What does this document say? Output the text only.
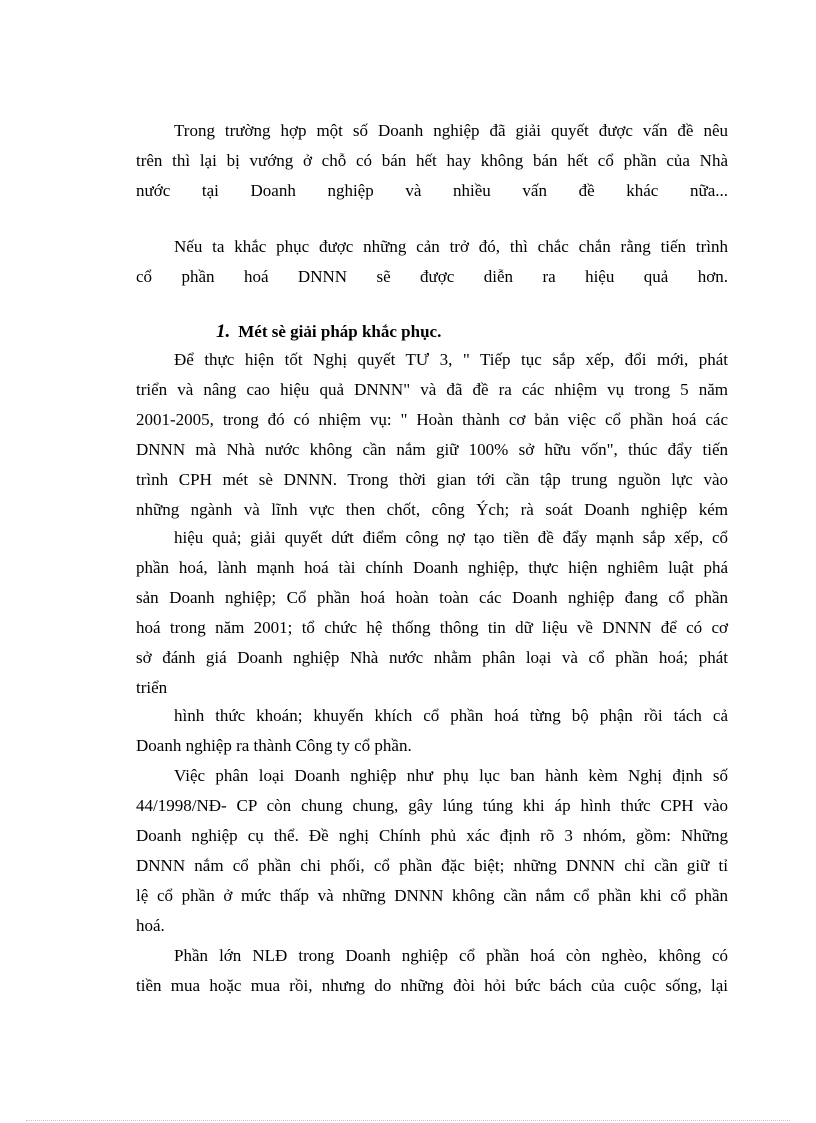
Trong trường hợp một số Doanh nghiệp đã giải quyết được vấn đề nêu
trên thì lại bị vướng ở chỗ có bán hết hay không bán hết cổ phần của Nhà
nước tại Doanh nghiệp và nhiều vấn đề khác nữa...
Nếu ta khắc phục được những cản trở đó, thì chắc chắn rằng tiến trình
cổ phần hoá DNNN sẽ được diễn ra hiệu quả hơn.
1. Mét sè giải pháp khắc phục.
Để thực hiện tốt Nghị quyết TƯ 3, " Tiếp tục sắp xếp, đổi mới, phát
triển và nâng cao hiệu quả DNNN" và đã đề ra các nhiệm vụ trong 5 năm
2001-2005, trong đó có nhiệm vụ: " Hoàn thành cơ bản việc cổ phần hoá các
DNNN mà Nhà nước không cần nắm giữ 100% sở hữu vốn", thúc đẩy tiến
trình CPH mét sè DNNN. Trong thời gian tới cần tập trung nguồn lực vào
những ngành và lĩnh vực then chốt, công Ých; rà soát Doanh nghiệp kém
hiệu quả; giải quyết dứt điểm công nợ tạo tiền đề đẩy mạnh sắp xếp, cổ
phần hoá, lành mạnh hoá tài chính Doanh nghiệp, thực hiện nghiêm luật phá
sản Doanh nghiệp; Cổ phần hoá hoàn toàn các Doanh nghiệp đang cổ phần
hoá trong năm 2001; tổ chức hệ thống thông tin dữ liệu về DNNN để có cơ
sở đánh giá Doanh nghiệp Nhà nước nhằm phân loại và cổ phần hoá; phát
triển
hình thức khoán; khuyến khích cổ phần hoá từng bộ phận rồi tách cả
Doanh nghiệp ra thành Công ty cổ phần.
Việc phân loại Doanh nghiệp như phụ lục ban hành kèm Nghị định số
44/1998/NĐ- CP còn chung chung, gây lúng túng khi áp hình thức CPH vào
Doanh nghiệp cụ thể. Đề nghị Chính phủ xác định rõ 3 nhóm, gồm: Những
DNNN nắm cổ phần chi phối, cổ phần đặc biệt; những DNNN chỉ cần giữ tỉ
lệ cổ phần ở mức thấp và những DNNN không cần nắm cổ phần khi cổ phần
hoá.
Phần lớn NLĐ trong Doanh nghiệp cổ phần hoá còn nghèo, không có
tiền mua hoặc mua rồi, nhưng do những đòi hỏi bức bách của cuộc sống, lại
